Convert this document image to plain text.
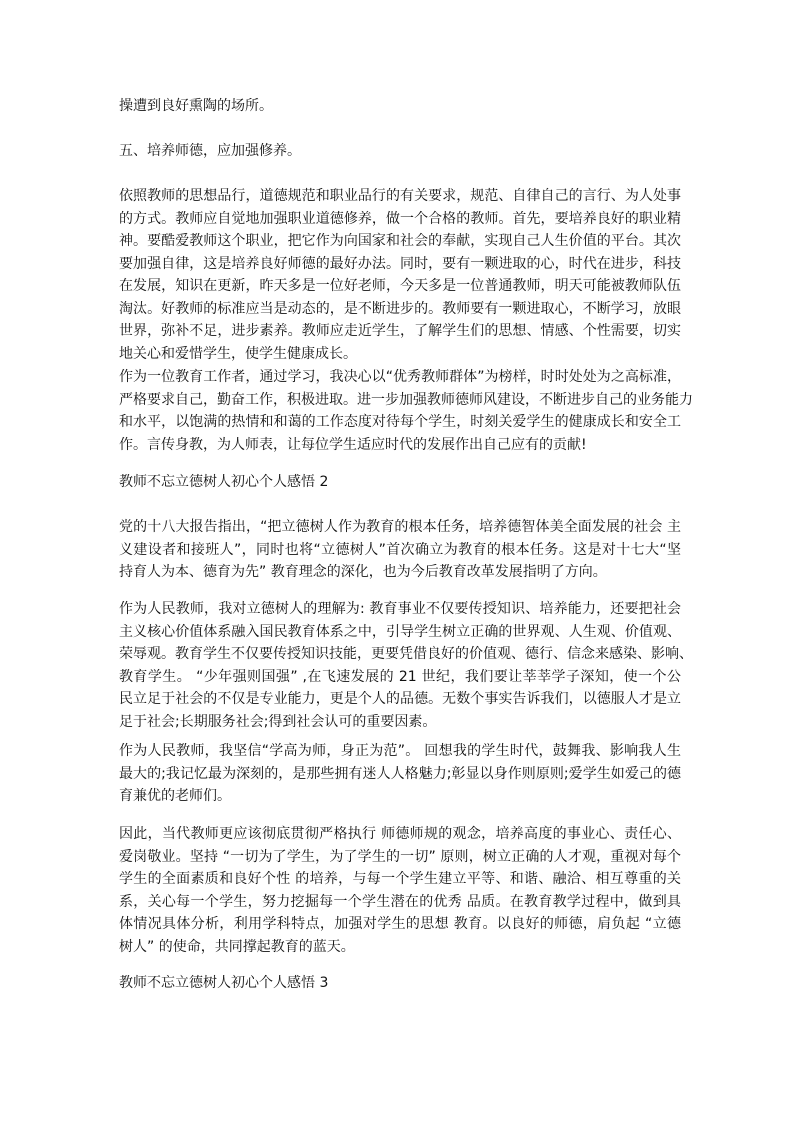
操遭到良好熏陶的场所。
五、培养师德，应加强修养。
依照教师的思想品行，道德规范和职业品行的有关要求，规范、自律自己的言行、为人处事
的方式。教师应自觉地加强职业道德修养，做一个合格的教师。首先，要培养良好的职业精
神。要酷爱教师这个职业，把它作为向国家和社会的奉献，实现自己人生价值的平台。其次
要加强自律，这是培养良好师德的最好办法。同时，要有一颗进取的心，时代在进步，科技
在发展，知识在更新，昨天多是一位好老师，今天多是一位普通教师，明天可能被教师队伍
淘汰。好教师的标准应当是动态的，是不断进步的。教师要有一颗进取心，不断学习，放眼
世界，弥补不足，进步素养。教师应走近学生，了解学生们的思想、情感、个性需要，切实
地关心和爱惜学生，使学生健康成长。
作为一位教育工作者，通过学习，我决心以“优秀教师群体”为榜样，时时处处为之高标准，
严格要求自己，勤奋工作，积极进取。进一步加强教师德师风建设，不断进步自己的业务能力
和水平，以饱满的热情和和蔼的工作态度对待每个学生，时刻关爱学生的健康成长和安全工
作。言传身教，为人师表，让每位学生适应时代的发展作出自己应有的贡献!
教师不忘立德树人初心个人感悟 2
党的十八大报告指出，“把立德树人作为教育的根本任务，培养德智体美全面发展的社会 主
义建设者和接班人”，同时也将“立德树人”首次确立为教育的根本任务。这是对十七大“坚
持育人为本、德育为先” 教育理念的深化，也为今后教育改革发展指明了方向。
作为人民教师，我对立德树人的理解为: 教育事业不仅要传授知识、培养能力，还要把社会
主义核心价值体系融入国民教育体系之中，引导学生树立正确的世界观、人生观、价值观、
荣辱观。教育学生不仅要传授知识技能，更要凭借良好的价值观、德行、信念来感染、影响、
教育学生。 “少年强则国强” ,在飞速发展的 21 世纪，我们要让莘莘学子深知，使一个公
民立足于社会的不仅是专业能力，更是个人的品德。无数个事实告诉我们，以德服人才是立
足于社会;长期服务社会;得到社会认可的重要因素。
作为人民教师，我坚信“学高为师，身正为范”。 回想我的学生时代，鼓舞我、影响我人生
最大的;我记忆最为深刻的，是那些拥有迷人人格魅力;彰显以身作则原则;爱学生如爱己的德
育兼优的老师们。
因此，当代教师更应该彻底贯彻严格执行 师德师规的观念，培养高度的事业心、责任心、
爱岗敬业。坚持 “一切为了学生，为了学生的一切” 原则，树立正确的人才观，重视对每个
学生的全面素质和良好个性 的培养，与每一个学生建立平等、和谐、融洽、相互尊重的关
系，关心每一个学生，努力挖掘每一个学生潜在的优秀 品质。在教育教学过程中，做到具
体情况具体分析，利用学科特点，加强对学生的思想 教育。以良好的师德，肩负起 “立德
树人” 的使命，共同撑起教育的蓝天。
教师不忘立德树人初心个人感悟 3
